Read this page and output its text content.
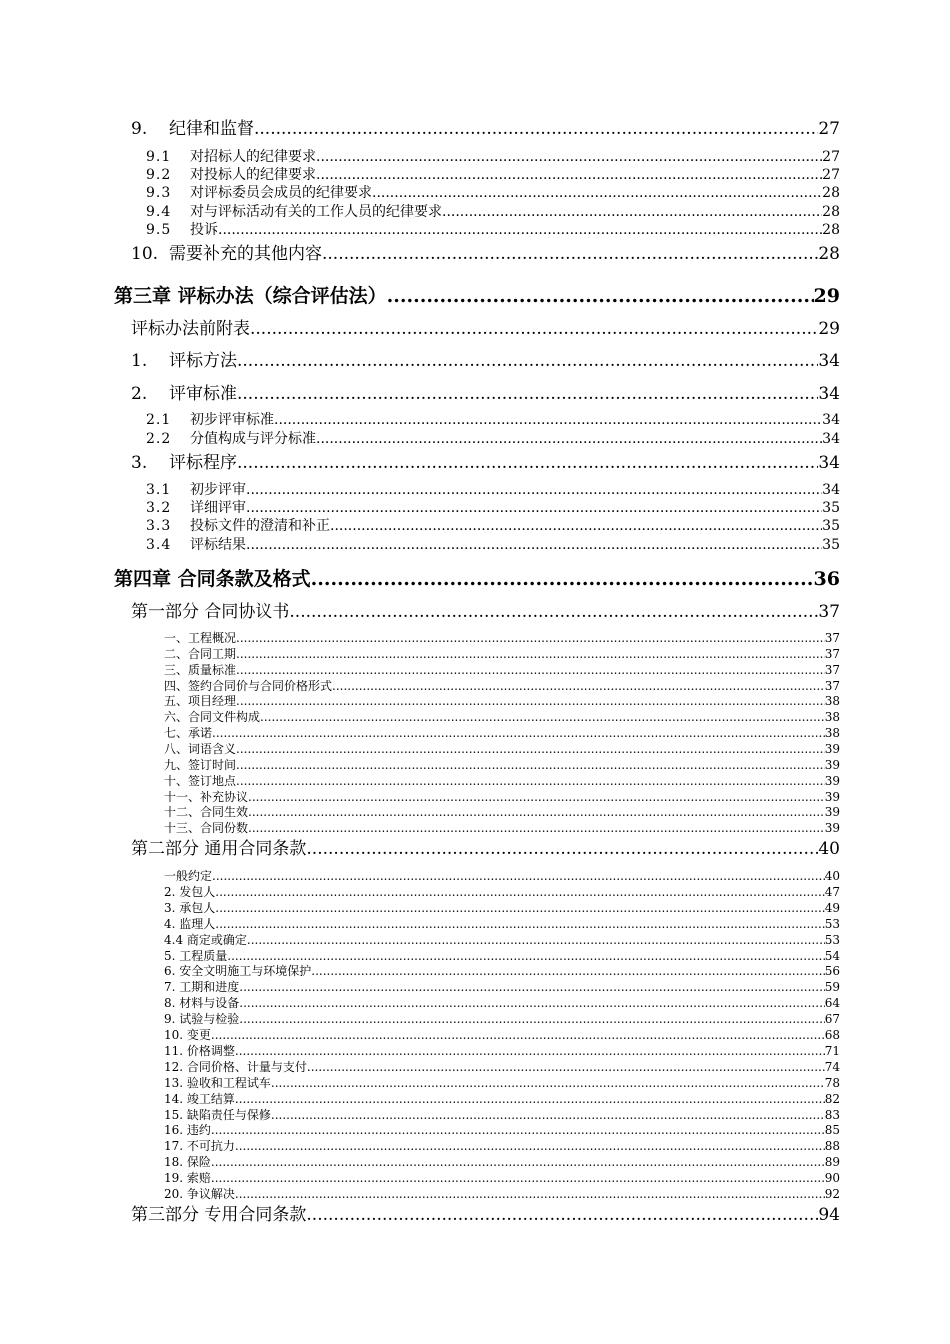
9.	纪律和监督 .....	27
9.1	对招标人的纪律要求 .....	27
9.2	对投标人的纪律要求 .....	27
9.3	对评标委员会成员的纪律要求 .....	28
9.4	对与评标活动有关的工作人员的纪律要求 .....	28
9.5	投诉 .....	28
10. 需要补充的其他内容 .....	28
第三章 评标办法（综合评估法） .....	29
评标办法前附表 .....	29
1.	评标方法 .....	34
2.	评审标准 .....	34
2.1	初步评审标准 .....	34
2.2	分值构成与评分标准 .....	34
3.	评标程序 .....	34
3.1	初步评审 .....	34
3.2	详细评审 .....	35
3.3	投标文件的澄清和补正 .....	35
3.4	评标结果 .....	35
第四章 合同条款及格式 .....	36
第一部分 合同协议书 .....	37
一、工程概况 .....	37
二、合同工期 .....	37
三、质量标准 .....	37
四、签约合同价与合同价格形式 .....	37
五、项目经理 .....	38
六、合同文件构成 .....	38
七、承诺 .....	38
八、词语含义 .....	39
九、签订时间 .....	39
十、签订地点 .....	39
十一、补充协议 .....	39
十二、合同生效 .....	39
十三、合同份数 .....	39
第二部分 通用合同条款 .....	40
一般约定 .....	40
2. 发包人 .....	47
3. 承包人 .....	49
4. 监理人 .....	53
4.4 商定或确定 .....	53
5. 工程质量 .....	54
6. 安全文明施工与环境保护 .....	56
7. 工期和进度 .....	59
8. 材料与设备 .....	64
9. 试验与检验 .....	67
10. 变更 .....	68
11. 价格调整 .....	71
12. 合同价格、计量与支付 .....	74
13. 验收和工程试车 .....	78
14. 竣工结算 .....	82
15. 缺陷责任与保修 .....	83
16. 违约 .....	85
17. 不可抗力 .....	88
18. 保险 .....	89
19. 索赔 .....	90
20. 争议解决 .....	92
第三部分 专用合同条款 .....	94
